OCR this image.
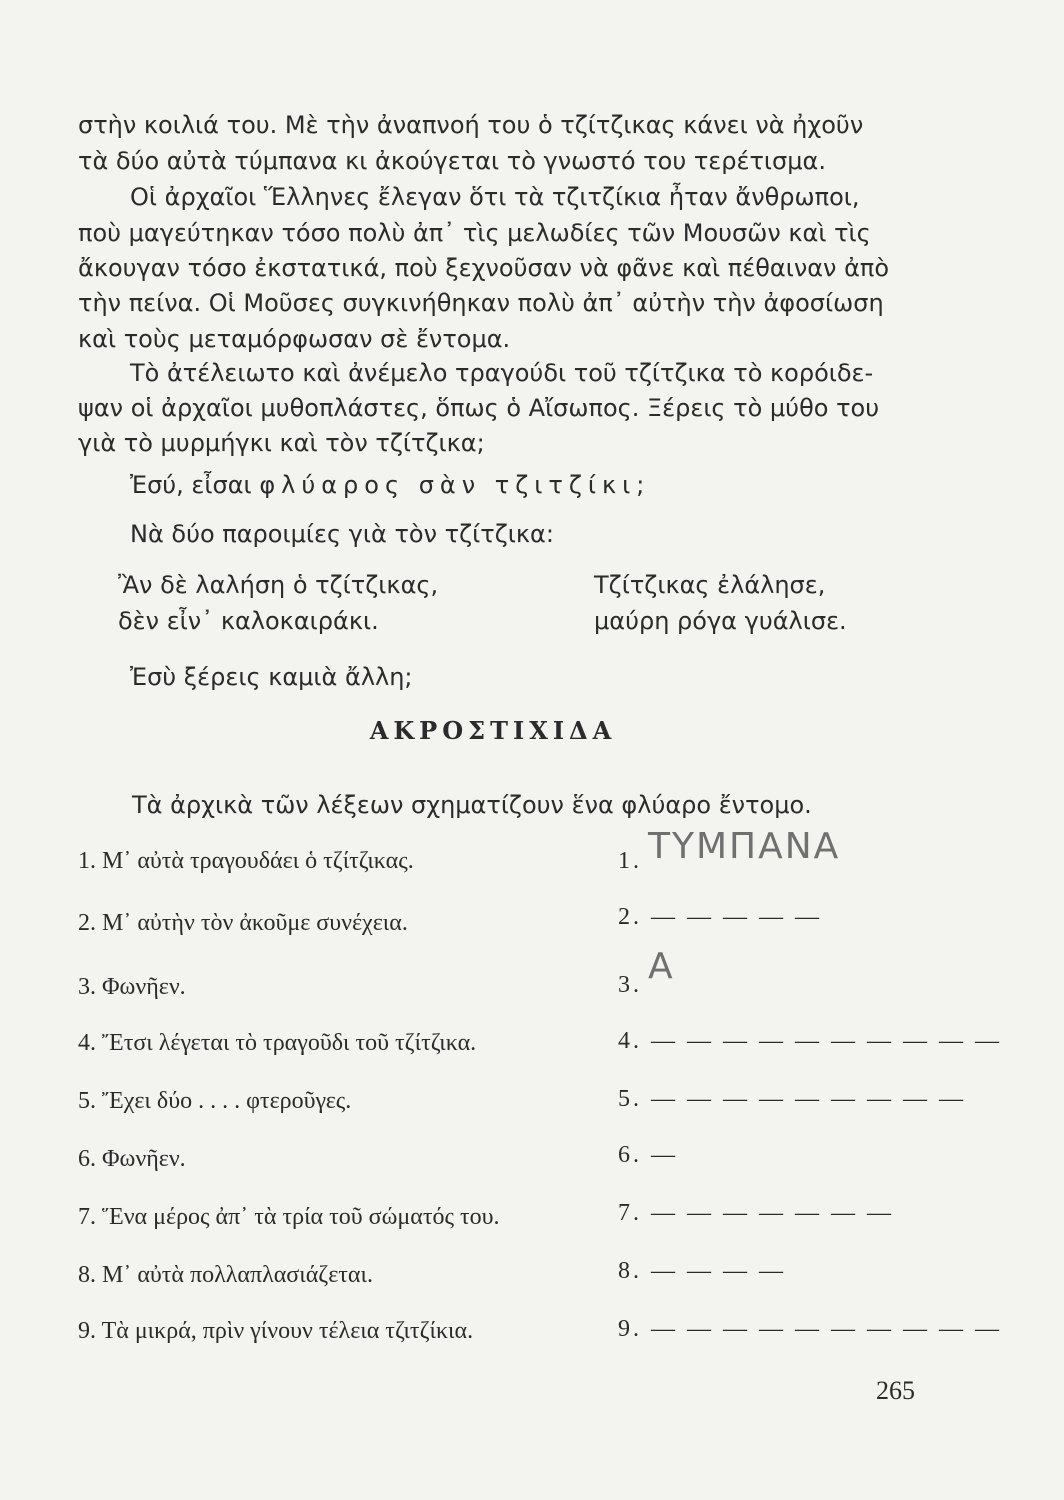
στὴν κοιλιά του. Μὲ τὴν ἀναπνοή του ὁ τζίτζικας κάνει νὰ ἠχοῦν
τὰ δύο αὐτὰ τύμπανα κι ἀκούγεται τὸ γνωστό του τερέτισμα.
Οἱ ἀρχαῖοι Ἕλληνες ἔλεγαν ὅτι τὰ τζιτζίκια ἦταν ἄνθρωποι,
ποὺ μαγεύτηκαν τόσο πολὺ ἀπ᾽ τὶς μελωδίες τῶν Μουσῶν καὶ τὶς
ἄκουγαν τόσο ἐκστατικά, ποὺ ξεχνοῦσαν νὰ φᾶνε καὶ πέθαιναν ἀπὸ
τὴν πείνα. Οἱ Μοῦσες συγκινήθηκαν πολὺ ἀπ᾽ αὐτὴν τὴν ἀφοσίωση
καὶ τοὺς μεταμόρφωσαν σὲ ἔντομα.
Τὸ ἀτέλειωτο καὶ ἀνέμελο τραγούδι τοῦ τζίτζικα τὸ κορόιδε-
ψαν οἱ ἀρχαῖοι μυθοπλάστες, ὅπως ὁ Αἴσωπος. Ξέρεις τὸ μύθο του
γιὰ τὸ μυρμήγκι καὶ τὸν τζίτζικα;
Ἐσύ, εἶσαι φλύαρος σὰν τζιτζίκι;
Νὰ δύο παροιμίες γιὰ τὸν τζίτζικα:
Ἂν δὲ λαλήση ὁ τζίτζικας,
δὲν εἶν᾽ καλοκαιράκι.
Τζίτζικας ἐλάλησε,
μαύρη ρόγα γυάλισε.
Ἐσὺ ξέρεις καμιὰ ἄλλη;
ΑΚΡΟΣΤΙΧΙΔΑ
Τὰ ἀρχικὰ τῶν λέξεων σχηματίζουν ἕνα φλύαρο ἔντομο.
1. Μ᾽ αὐτὰ τραγουδάει ὁ τζίτζικας.
2. Μ᾽ αὐτὴν τὸν ἀκοῦμε συνέχεια.
3. Φωνῆεν.
4. Ἔτσι λέγεται τὸ τραγοῦδι τοῦ τζίτζικα.
5. Ἔχει δύο . . . . φτεροῦγες.
6. Φωνῆεν.
7. Ἕνα μέρος ἀπ᾽ τὰ τρία τοῦ σώματός του.
8. Μ᾽ αὐτὰ πολλαπλασιάζεται.
9. Τὰ μικρά, πρὶν γίνουν τέλεια τζιτζίκια.
1. ΤΥΜΠΑΝΑ
2. — — — — —
3. Α
4. — — — — — — — — — —
5. — — — — — — — — —
6. —
7. — — — — — — —
8. — — — —
9. — — — — — — — — — —
265
